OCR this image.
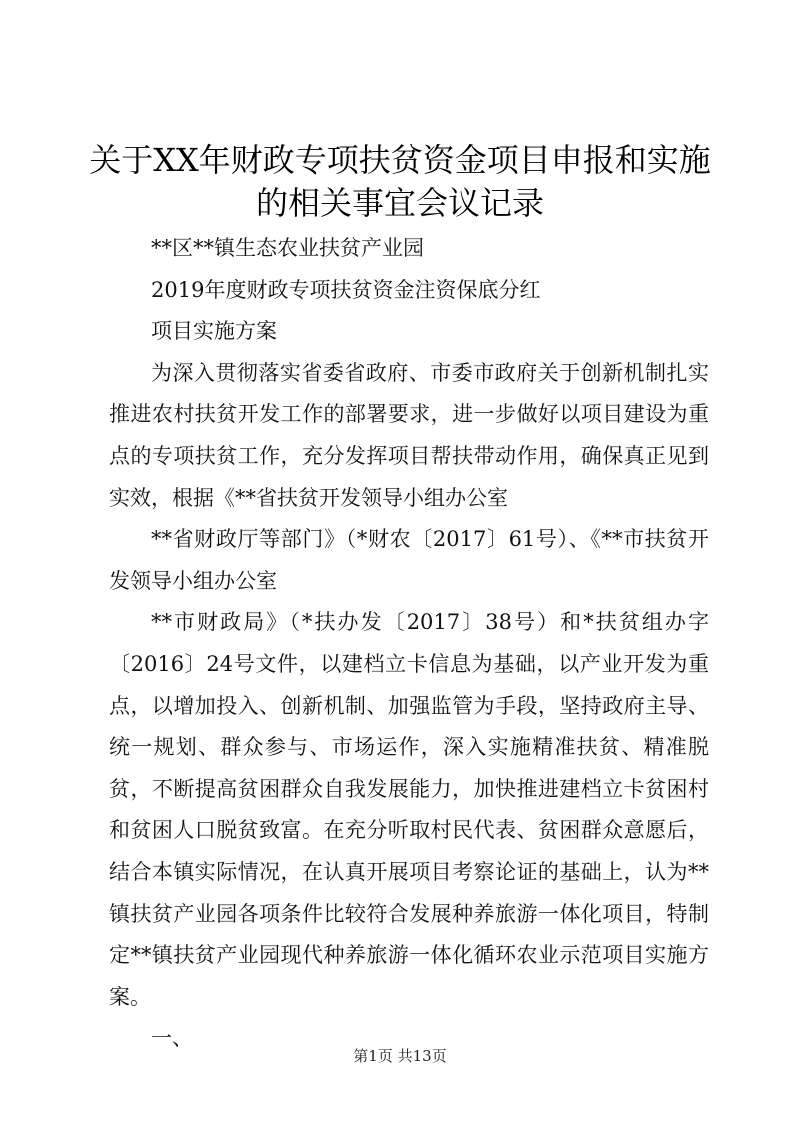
关于XX年财政专项扶贫资金项目申报和实施
的相关事宜会议记录

**区**镇生态农业扶贫产业园

2019年度财政专项扶贫资金注资保底分红

项目实施方案

为深入贯彻落实省委省政府、市委市政府关于创新机制扎实推进农村扶贫开发工作的部署要求，进一步做好以项目建设为重点的专项扶贫工作，充分发挥项目帮扶带动作用，确保真正见到实效，根据《**省扶贫开发领导小组办公室

**省财政厅等部门》（*财农〔2017〕61号）、《**市扶贫开发领导小组办公室

**市财政局》（*扶办发〔2017〕38号）和*扶贫组办字〔2016〕24号文件，以建档立卡信息为基础，以产业开发为重点，以增加投入、创新机制、加强监管为手段，坚持政府主导、统一规划、群众参与、市场运作，深入实施精准扶贫、精准脱贫，不断提高贫困群众自我发展能力，加快推进建档立卡贫困村和贫困人口脱贫致富。在充分听取村民代表、贫困群众意愿后，结合本镇实际情况，在认真开展项目考察论证的基础上，认为**镇扶贫产业园各项条件比较符合发展种养旅游一体化项目，特制定**镇扶贫产业园现代种养旅游一体化循环农业示范项目实施方案。

一、

第1页 共13页
